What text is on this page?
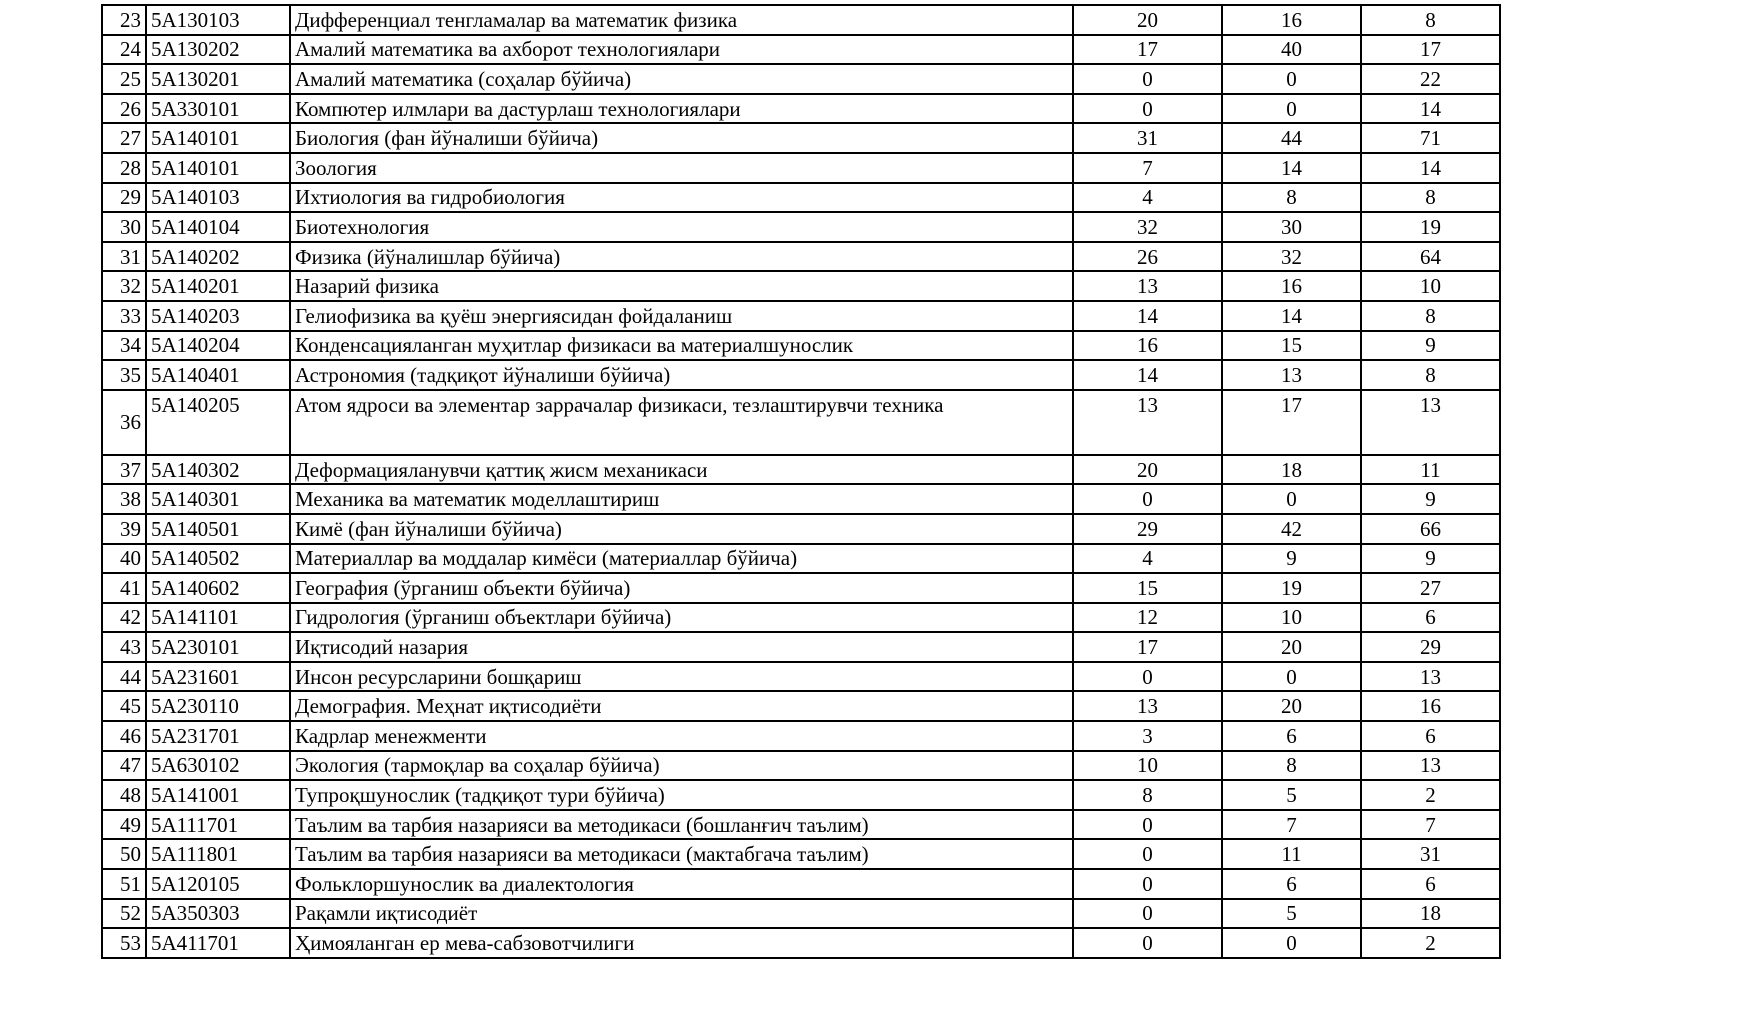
23	5A130103	Дифференциал тенгламалар ва математик физика	20	16	8
24	5A130202	Амалий математика ва ахборот технологиялари	17	40	17
25	5A130201	Амалий математика (соҳалар бўйича)	0	0	22
26	5A330101	Компютер илмлари ва дастурлаш технологиялари	0	0	14
27	5A140101	Биология (фан йўналиши бўйича)	31	44	71
28	5A140101	Зоология	7	14	14
29	5A140103	Ихтиология ва гидробиология	4	8	8
30	5A140104	Биотехнология	32	30	19
31	5A140202	Физика (йўналишлар бўйича)	26	32	64
32	5A140201	Назарий физика	13	16	10
33	5A140203	Гелиофизика ва қуёш энергиясидан фойдаланиш	14	14	8
34	5A140204	Конденсацияланган муҳитлар физикаси ва материалшунослик	16	15	9
35	5A140401	Астрономия (тадқиқот йўналиши бўйича)	14	13	8
36	5A140205	Атом ядроси ва элементар заррачалар физикаси, тезлаштирувчи техника	13	17	13
37	5A140302	Деформацияланувчи қаттиқ жисм механикаси	20	18	11
38	5A140301	Механика ва математик моделлаштириш	0	0	9
39	5A140501	Кимё (фан йўналиши бўйича)	29	42	66
40	5A140502	Материаллар ва моддалар кимёси (материаллар бўйича)	4	9	9
41	5A140602	География (ўрганиш объекти бўйича)	15	19	27
42	5A141101	Гидрология (ўрганиш объектлари бўйича)	12	10	6
43	5A230101	Иқтисодий назария	17	20	29
44	5A231601	Инсон ресурсларини бошқариш	0	0	13
45	5A230110	Демография. Меҳнат иқтисодиёти	13	20	16
46	5A231701	Кадрлар менежменти	3	6	6
47	5A630102	Экология (тармоқлар ва соҳалар бўйича)	10	8	13
48	5A141001	Тупроқшунослик (тадқиқот тури бўйича)	8	5	2
49	5A111701	Таълим ва тарбия назарияси ва методикаси (бошланғич таълим)	0	7	7
50	5A111801	Таълим ва тарбия назарияси ва методикаси (мактабгача таълим)	0	11	31
51	5A120105	Фольклоршунослик ва диалектология	0	6	6
52	5A350303	Рақамли иқтисодиёт	0	5	18
53	5A411701	Ҳимояланган ер мева-сабзовотчилиги	0	0	2
